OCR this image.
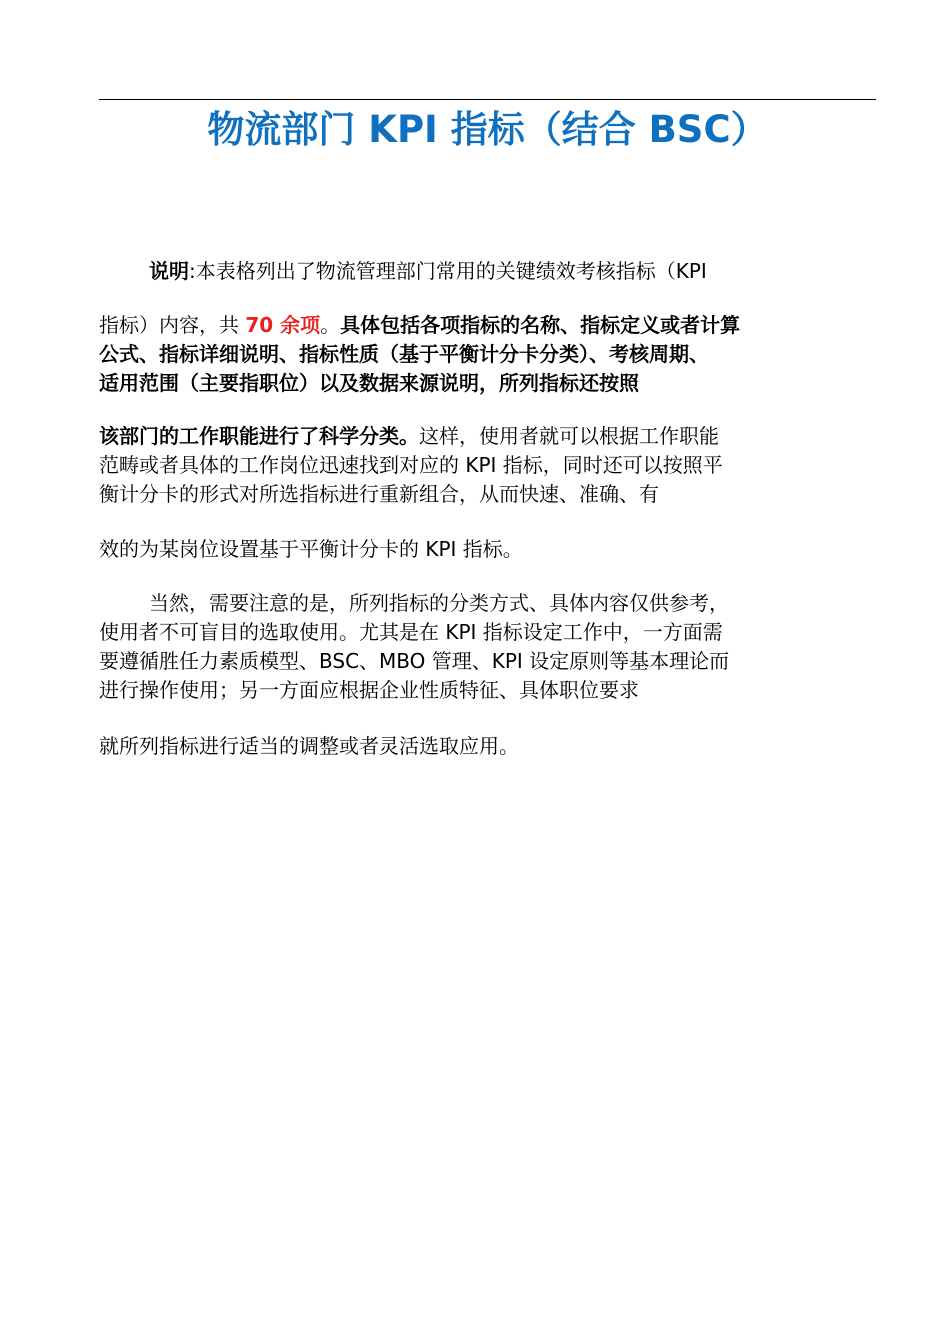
物流部门 KPI 指标（结合 BSC）
说明:本表格列出了物流管理部门常用的关键绩效考核指标（KPI
指标）内容，共 70 余项。具体包括各项指标的名称、指标定义或者计算
公式、指标详细说明、指标性质（基于平衡计分卡分类）、考核周期、
适用范围（主要指职位）以及数据来源说明，所列指标还按照
该部门的工作职能进行了科学分类。这样，使用者就可以根据工作职能
范畴或者具体的工作岗位迅速找到对应的 KPI 指标，同时还可以按照平
衡计分卡的形式对所选指标进行重新组合，从而快速、准确、有
效的为某岗位设置基于平衡计分卡的 KPI 指标。
当然，需要注意的是，所列指标的分类方式、具体内容仅供参考，
使用者不可盲目的选取使用。尤其是在 KPI 指标设定工作中，一方面需
要遵循胜任力素质模型、BSC、MBO 管理、KPI 设定原则等基本理论而
进行操作使用；另一方面应根据企业性质特征、具体职位要求
就所列指标进行适当的调整或者灵活选取应用。
